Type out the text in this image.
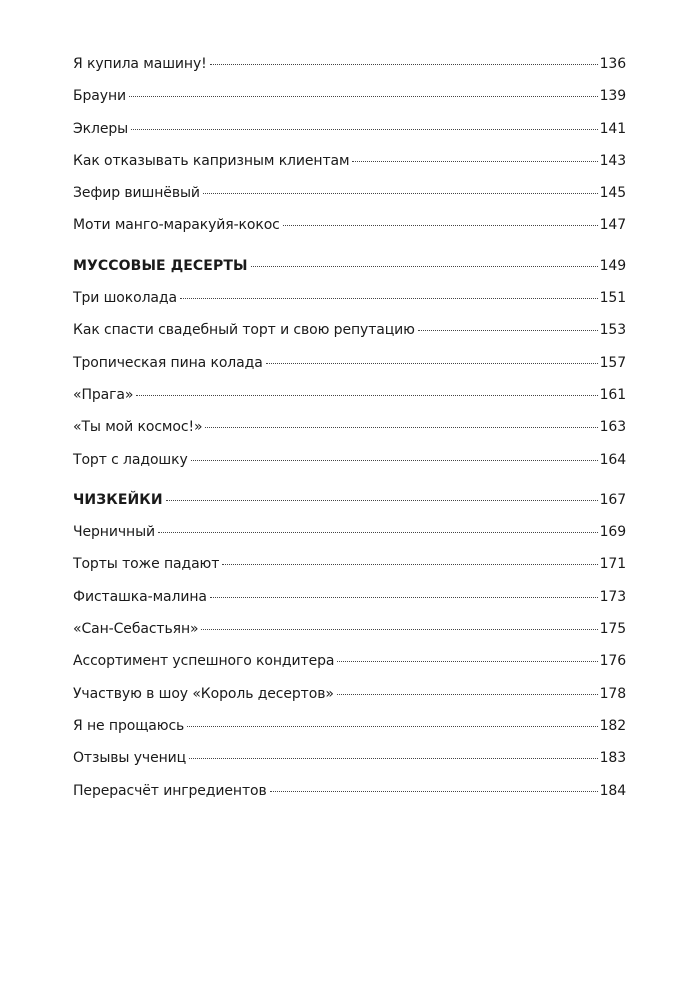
Я купила машину!	136
Брауни	139
Эклеры	141
Как отказывать капризным клиентам	143
Зефир вишнёвый	145
Моти манго-маракуйя-кокос	147
МУССОВЫЕ ДЕСЕРТЫ	149
Три шоколада	151
Как спасти свадебный торт и свою репутацию	153
Тропическая пина колада	157
«Прага»	161
«Ты мой космос!»	163
Торт с ладошку	164
ЧИЗКЕЙКИ	167
Черничный	169
Торты тоже падают	171
Фисташка-малина	173
«Сан-Себастьян»	175
Ассортимент успешного кондитера	176
Участвую в шоу «Король десертов»	178
Я не прощаюсь	182
Отзывы учениц	183
Перерасчёт ингредиентов	184
